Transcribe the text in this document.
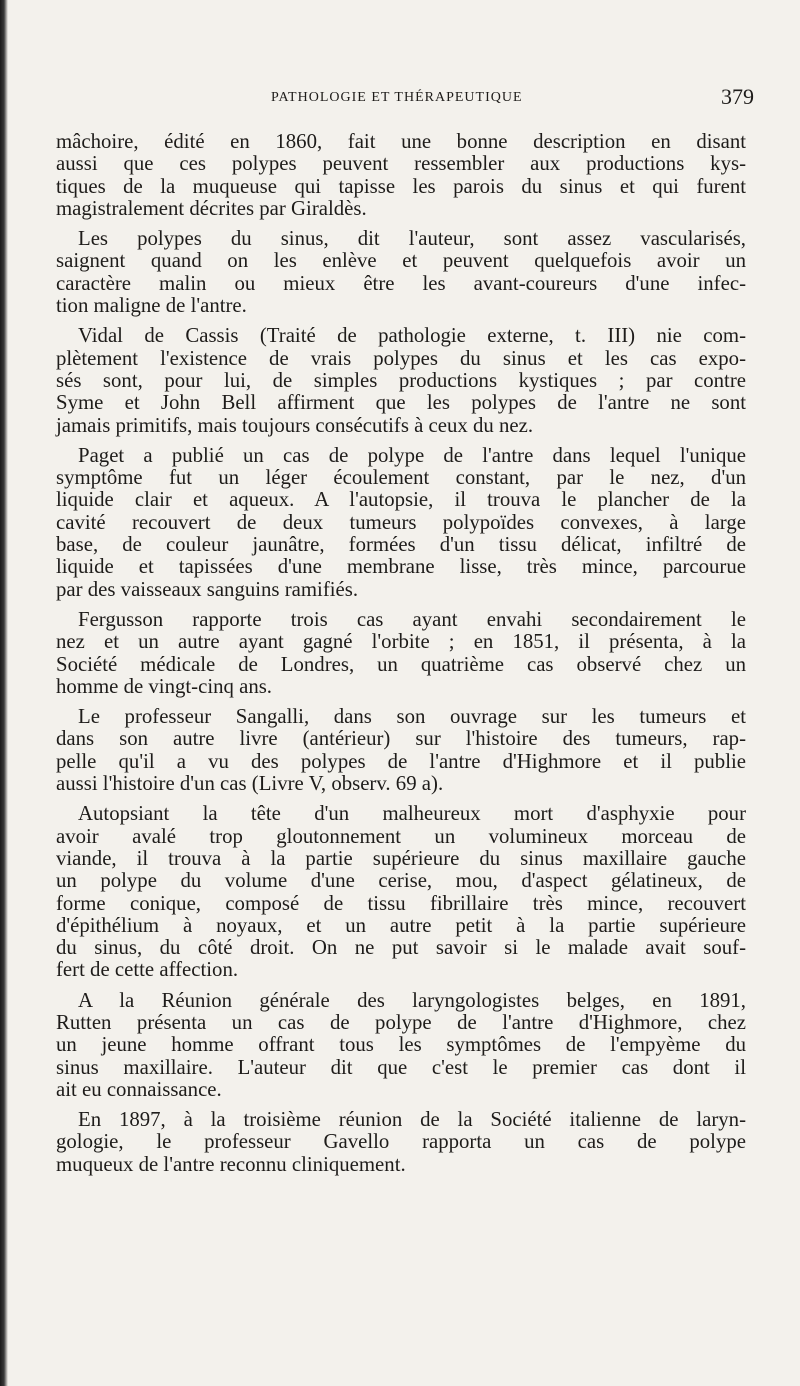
PATHOLOGIE ET THÉRAPEUTIQUE	379
mâchoire, édité en 1860, fait une bonne description en disant
aussi que ces polypes peuvent ressembler aux productions kys-
tiques de la muqueuse qui tapisse les parois du sinus et qui furent
magistralement décrites par Giraldès.
Les polypes du sinus, dit l'auteur, sont assez vascularisés,
saignent quand on les enlève et peuvent quelquefois avoir un
caractère malin ou mieux être les avant-coureurs d'une infec-
tion maligne de l'antre.
Vidal de Cassis (Traité de pathologie externe, t. III) nie com-
plètement l'existence de vrais polypes du sinus et les cas expo-
sés sont, pour lui, de simples productions kystiques ; par contre
Syme et John Bell affirment que les polypes de l'antre ne sont
jamais primitifs, mais toujours consécutifs à ceux du nez.
Paget a publié un cas de polype de l'antre dans lequel l'unique
symptôme fut un léger écoulement constant, par le nez, d'un
liquide clair et aqueux. A l'autopsie, il trouva le plancher de la
cavité recouvert de deux tumeurs polypoïdes convexes, à large
base, de couleur jaunâtre, formées d'un tissu délicat, infiltré de
liquide et tapissées d'une membrane lisse, très mince, parcourue
par des vaisseaux sanguins ramifiés.
Fergusson rapporte trois cas ayant envahi secondairement le
nez et un autre ayant gagné l'orbite ; en 1851, il présenta, à la
Société médicale de Londres, un quatrième cas observé chez un
homme de vingt-cinq ans.
Le professeur Sangalli, dans son ouvrage sur les tumeurs et
dans son autre livre (antérieur) sur l'histoire des tumeurs, rap-
pelle qu'il a vu des polypes de l'antre d'Highmore et il publie
aussi l'histoire d'un cas (Livre V, observ. 69 a).
Autopsiant la tête d'un malheureux mort d'asphyxie pour
avoir avalé trop gloutonnement un volumineux morceau de
viande, il trouva à la partie supérieure du sinus maxillaire gauche
un polype du volume d'une cerise, mou, d'aspect gélatineux, de
forme conique, composé de tissu fibrillaire très mince, recouvert
d'épithélium à noyaux, et un autre petit à la partie supérieure
du sinus, du côté droit. On ne put savoir si le malade avait souf-
fert de cette affection.
A la Réunion générale des laryngologistes belges, en 1891,
Rutten présenta un cas de polype de l'antre d'Highmore, chez
un jeune homme offrant tous les symptômes de l'empyème du
sinus maxillaire. L'auteur dit que c'est le premier cas dont il
ait eu connaissance.
En 1897, à la troisième réunion de la Société italienne de laryn-
gologie, le professeur Gavello rapporta un cas de polype
muqueux de l'antre reconnu cliniquement.
